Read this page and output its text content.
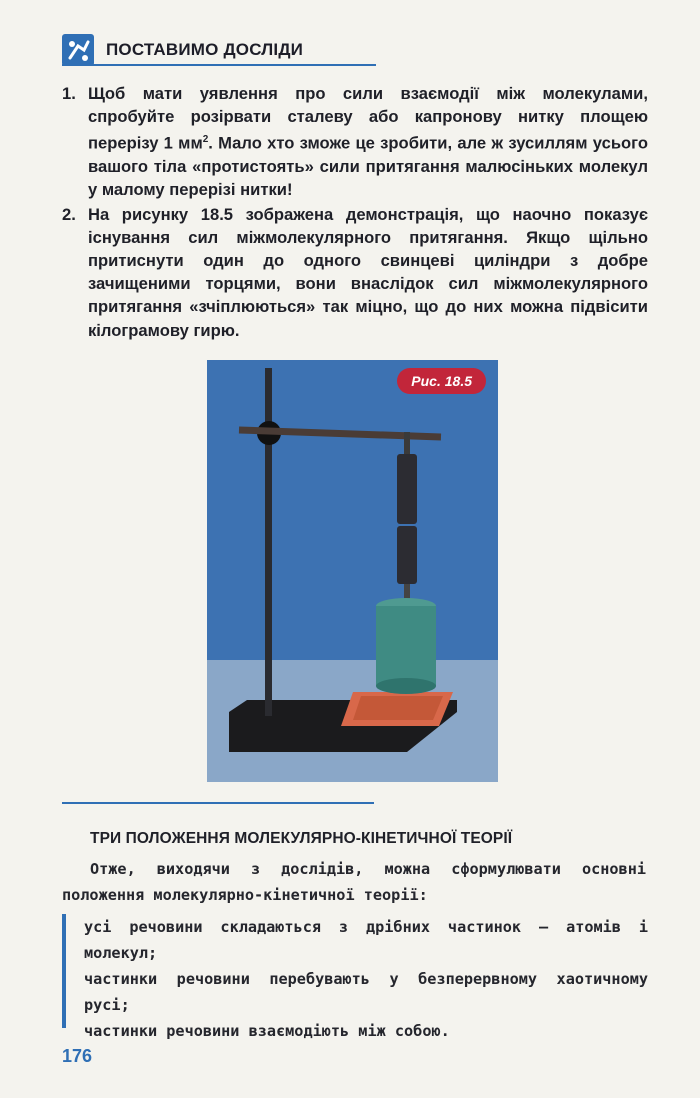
ПОСТАВИМО ДОСЛІДИ
1. Щоб мати уявлення про сили взаємодії між молекулами, спробуйте розірвати сталеву або капронову нитку площею перерізу 1 $мм^2$. Мало хто зможе це зробити, але ж зусиллям усього вашого тіла «протистоять» сили притягання малюсіньких молекул у малому перерізі нитки!
2. На рисунку 18.5 зображена демонстрація, що наочно показує існування сил міжмолекулярного притягання. Якщо щільно притиснути один до одного свинцеві циліндри з добре зачищеними торцями, вони внаслідок сил міжмолекулярного притягання «зчіплюються» так міцно, що до них можна підвісити кілограмову гирю.
Рис. 18.5
ТРИ ПОЛОЖЕННЯ МОЛЕКУЛЯРНО-КІНЕТИЧНОЇ ТЕОРІЇ

Отже, виходячи з дослідів, можна сформулювати основні положення молекулярно-кінетичної теорії:

усі речовини складаються з дрібних частинок — атомів і молекул;

частинки речовини перебувають у безперервному хаотичному русі;

частинки речовини взаємодіють між собою.

176
